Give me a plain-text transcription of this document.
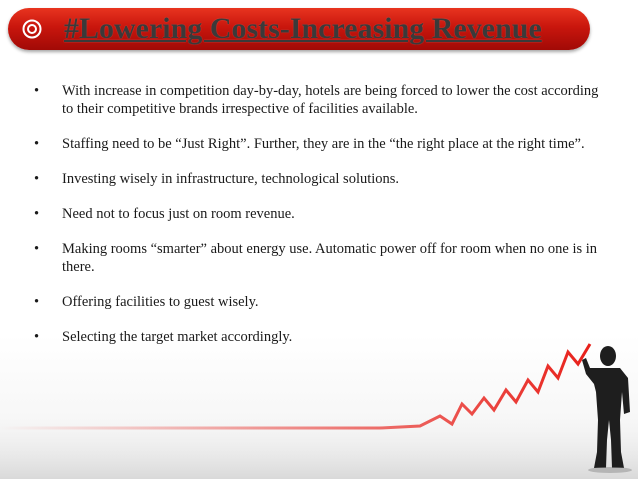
#Lowering Costs-Increasing Revenue
• With increase in competition day-by-day, hotels are being forced to lower the cost according to their competitive brands irrespective of facilities available.
• Staffing need to be “Just Right”. Further, they are in the “the right place at the right time”.
• Investing wisely in infrastructure, technological solutions.
• Need not to focus just on room revenue.
• Making rooms “smarter” about energy use. Automatic power off for room when no one is in there.
• Offering facilities to guest wisely.
• Selecting the target market accordingly.
